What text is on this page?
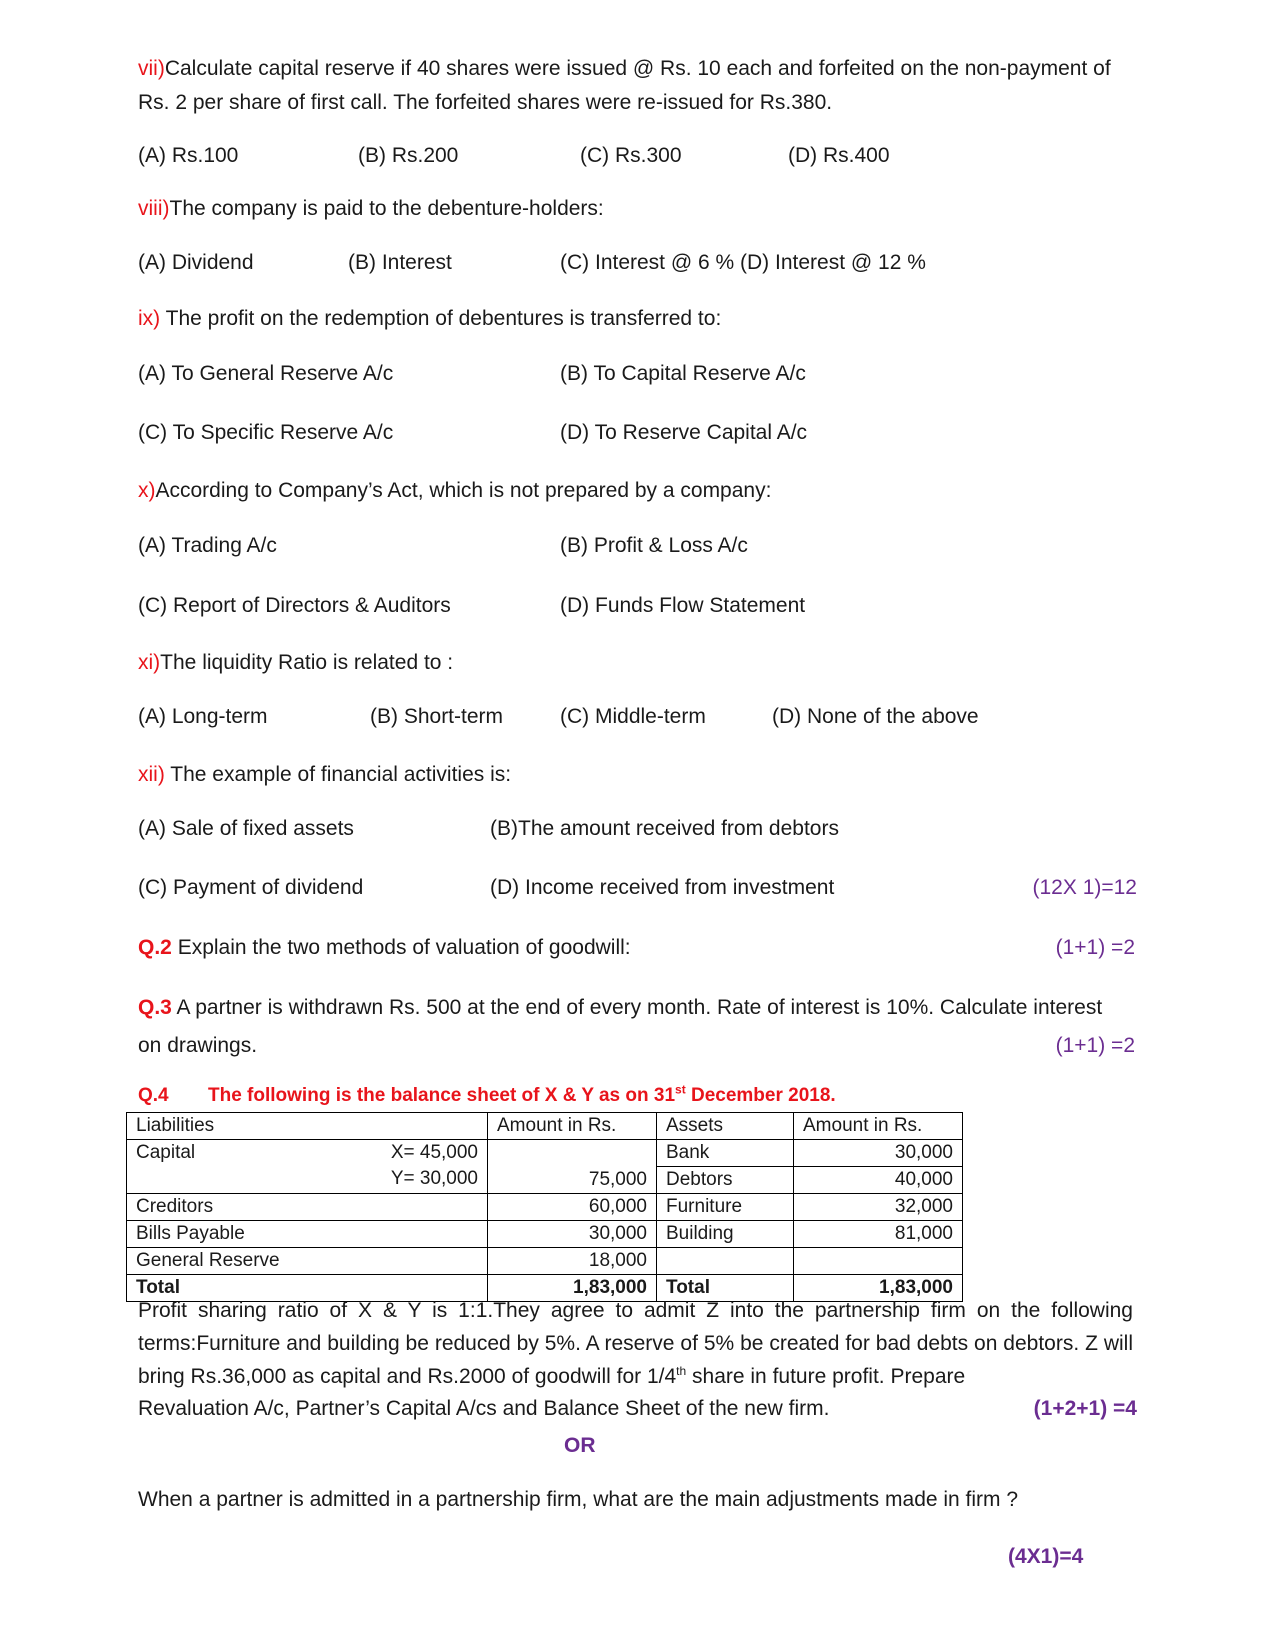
vii)Calculate capital reserve if 40 shares were issued @ Rs. 10 each and forfeited on the non-payment of
Rs. 2 per share of first call. The forfeited shares were re-issued for Rs.380.
(A) Rs.100	(B) Rs.200	(C) Rs.300	(D) Rs.400
viii)The company is paid to the debenture-holders:
(A) Dividend	(B) Interest	(C) Interest @ 6 % (D) Interest @ 12 %
ix) The profit on the redemption of debentures is transferred to:
(A) To General Reserve A/c	(B) To Capital Reserve A/c
(C) To Specific Reserve A/c	(D) To Reserve Capital A/c
x)According to Company’s Act, which is not prepared by a company:
(A) Trading A/c	(B) Profit & Loss A/c
(C) Report of Directors & Auditors	(D) Funds Flow Statement
xi)The liquidity Ratio is related to :
(A) Long-term	(B) Short-term	(C) Middle-term	(D) None of the above
xii) The example of financial activities is:
(A) Sale of fixed assets	(B)The amount received from debtors
(C) Payment of dividend	(D) Income received from investment	(12X 1)=12
Q.2 Explain the two methods of valuation of goodwill:	(1+1) =2
Q.3 A partner is withdrawn Rs. 500 at the end of every month. Rate of interest is 10%. Calculate interest
on drawings.	(1+1) =2
Q.4 The following is the balance sheet of X & Y as on 31st December 2018.
Liabilities	Amount in Rs.	Assets	Amount in Rs.

Capital X= 45,000
Y= 30,000	75,000	Bank	30,000
		Debtors	40,000
Creditors	60,000	Furniture	32,000
Bills Payable	30,000	Building	81,000
General Reserve	18,000		
Total	1,83,000	Total	1,83,000
Profit sharing ratio of X & Y is 1:1.They agree to admit Z into the partnership firm on the following terms:Furniture and building be reduced by 5%. A reserve of 5% be created for bad debts on debtors. Z will bring Rs.36,000 as capital and Rs.2000 of goodwill for 1/4th share in future profit. Prepare
Revaluation A/c, Partner’s Capital A/cs and Balance Sheet of the new firm.	(1+2+1) =4
OR
When a partner is admitted in a partnership firm, what are the main adjustments made in firm ?
(4X1)=4
